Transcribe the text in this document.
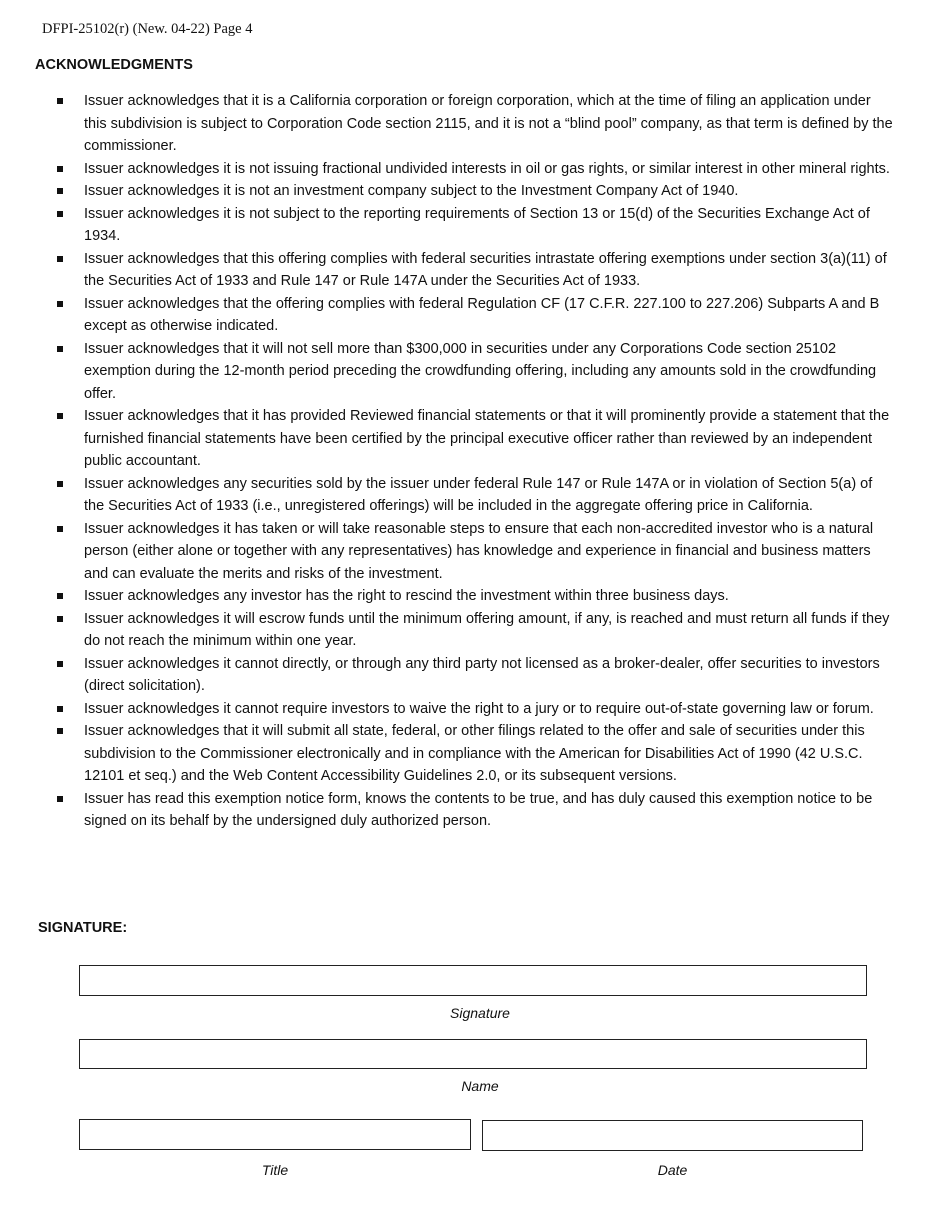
DFPI-25102(r) (New. 04-22) Page 4
ACKNOWLEDGMENTS
Issuer acknowledges that it is a California corporation or foreign corporation, which at the time of filing an application under this subdivision is subject to Corporation Code section 2115, and it is not a “blind pool” company, as that term is defined by the commissioner.
Issuer acknowledges it is not issuing fractional undivided interests in oil or gas rights, or similar interest in other mineral rights.
Issuer acknowledges it is not an investment company subject to the Investment Company Act of 1940.
Issuer acknowledges it is not subject to the reporting requirements of Section 13 or 15(d) of the Securities Exchange Act of 1934.
Issuer acknowledges that this offering complies with federal securities intrastate offering exemptions under section 3(a)(11) of the Securities Act of 1933 and Rule 147 or Rule 147A under the Securities Act of 1933.
Issuer acknowledges that the offering complies with federal Regulation CF (17 C.F.R. 227.100 to 227.206) Subparts A and B except as otherwise indicated.
Issuer acknowledges that it will not sell more than $300,000 in securities under any Corporations Code section 25102 exemption during the 12-month period preceding the crowdfunding offering, including any amounts sold in the crowdfunding offer.
Issuer acknowledges that it has provided Reviewed financial statements or that it will prominently provide a statement that the furnished financial statements have been certified by the principal executive officer rather than reviewed by an independent public accountant.
Issuer acknowledges any securities sold by the issuer under federal Rule 147 or Rule 147A or in violation of Section 5(a) of the Securities Act of 1933 (i.e., unregistered offerings) will be included in the aggregate offering price in California.
Issuer acknowledges it has taken or will take reasonable steps to ensure that each non-accredited investor who is a natural person (either alone or together with any representatives) has knowledge and experience in financial and business matters and can evaluate the merits and risks of the investment.
Issuer acknowledges any investor has the right to rescind the investment within three business days.
Issuer acknowledges it will escrow funds until the minimum offering amount, if any, is reached and must return all funds if they do not reach the minimum within one year.
Issuer acknowledges it cannot directly, or through any third party not licensed as a broker-dealer, offer securities to investors (direct solicitation).
Issuer acknowledges it cannot require investors to waive the right to a jury or to require out-of-state governing law or forum.
Issuer acknowledges that it will submit all state, federal, or other filings related to the offer and sale of securities under this subdivision to the Commissioner electronically and in compliance with the American for Disabilities Act of 1990 (42 U.S.C. 12101 et seq.) and the Web Content Accessibility Guidelines 2.0, or its subsequent versions.
Issuer has read this exemption notice form, knows the contents to be true, and has duly caused this exemption notice to be signed on its behalf by the undersigned duly authorized person.
SIGNATURE:
Signature
Name
Title	Date
